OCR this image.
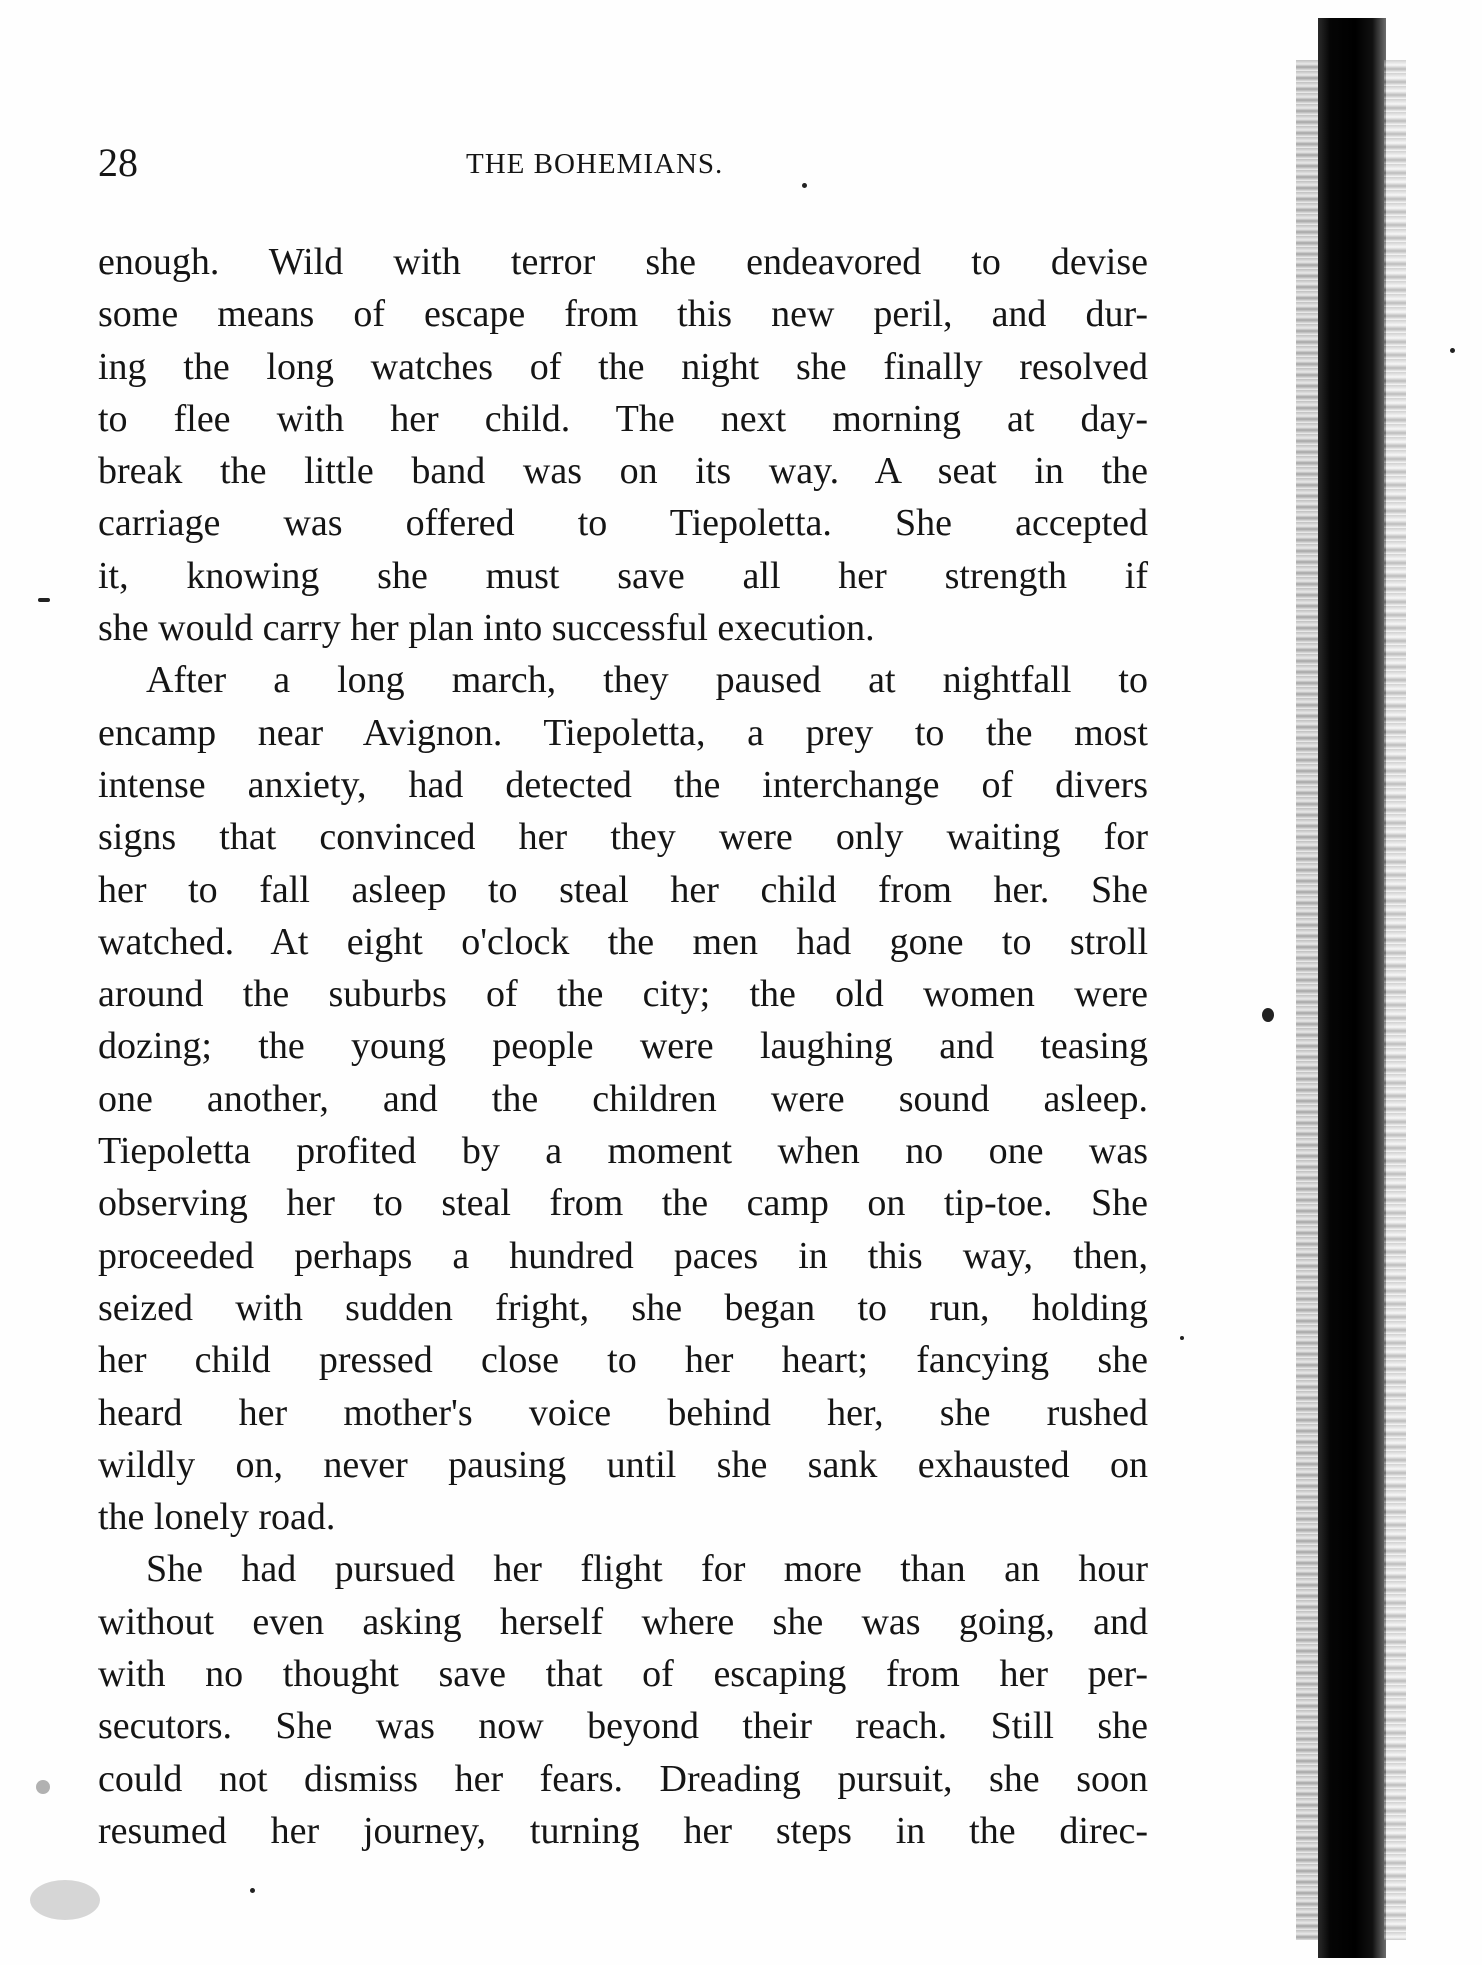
28	THE BOHEMIANS.
enough. Wild with terror she endeavored to devise
some means of escape from this new peril, and dur-
ing the long watches of the night she finally resolved
to flee with her child. The next morning at day-
break the little band was on its way. A seat in the
carriage was offered to Tiepoletta. She accepted
it, knowing she must save all her strength if
she would carry her plan into successful execution.
After a long march, they paused at nightfall to
encamp near Avignon. Tiepoletta, a prey to the most
intense anxiety, had detected the interchange of divers
signs that convinced her they were only waiting for
her to fall asleep to steal her child from her. She
watched. At eight o'clock the men had gone to stroll
around the suburbs of the city; the old women were
dozing; the young people were laughing and teasing
one another, and the children were sound asleep.
Tiepoletta profited by a moment when no one was
observing her to steal from the camp on tip-toe. She
proceeded perhaps a hundred paces in this way, then,
seized with sudden fright, she began to run, holding
her child pressed close to her heart; fancying she
heard her mother's voice behind her, she rushed
wildly on, never pausing until she sank exhausted on
the lonely road.
She had pursued her flight for more than an hour
without even asking herself where she was going, and
with no thought save that of escaping from her per-
secutors. She was now beyond their reach. Still she
could not dismiss her fears. Dreading pursuit, she soon
resumed her journey, turning her steps in the direc-
